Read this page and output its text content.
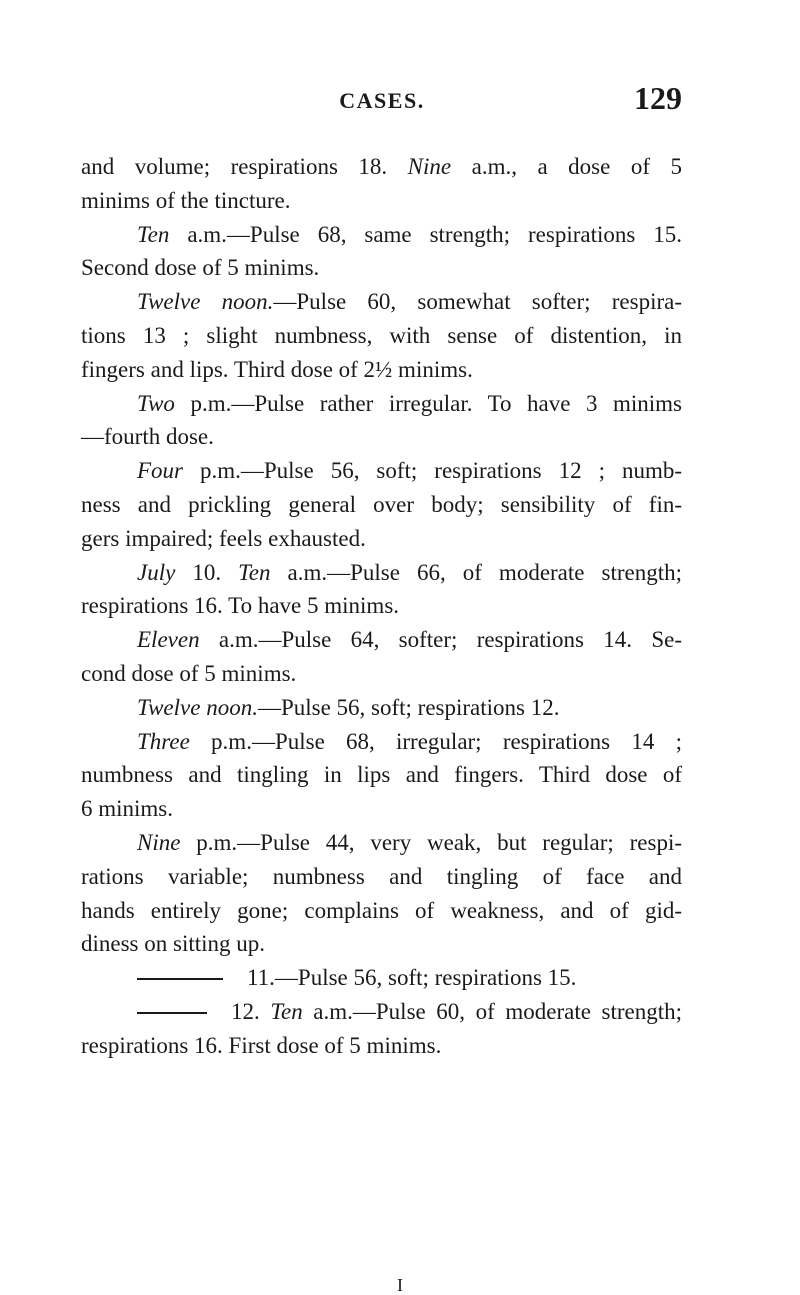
CASES.	129
and volume; respirations 18. Nine a.m., a dose of 5
minims of the tincture.
Ten a.m.—Pulse 68, same strength; respirations 15.
Second dose of 5 minims.
Twelve noon.—Pulse 60, somewhat softer; respira-
tions 13 ; slight numbness, with sense of distention, in
fingers and lips. Third dose of 2½ minims.
Two p.m.—Pulse rather irregular. To have 3 minims
—fourth dose.
Four p.m.—Pulse 56, soft; respirations 12 ; numb-
ness and prickling general over body; sensibility of fin-
gers impaired; feels exhausted.
July 10. Ten a.m.—Pulse 66, of moderate strength;
respirations 16. To have 5 minims.
Eleven a.m.—Pulse 64, softer; respirations 14. Se-
cond dose of 5 minims.
Twelve noon.—Pulse 56, soft; respirations 12.
Three p.m.—Pulse 68, irregular; respirations 14 ;
numbness and tingling in lips and fingers. Third dose of
6 minims.
Nine p.m.—Pulse 44, very weak, but regular; respi-
rations variable; numbness and tingling of face and
hands entirely gone; complains of weakness, and of gid-
diness on sitting up.
11.—Pulse 56, soft; respirations 15.
12. Ten a.m.—Pulse 60, of moderate strength;
respirations 16. First dose of 5 minims.
I
